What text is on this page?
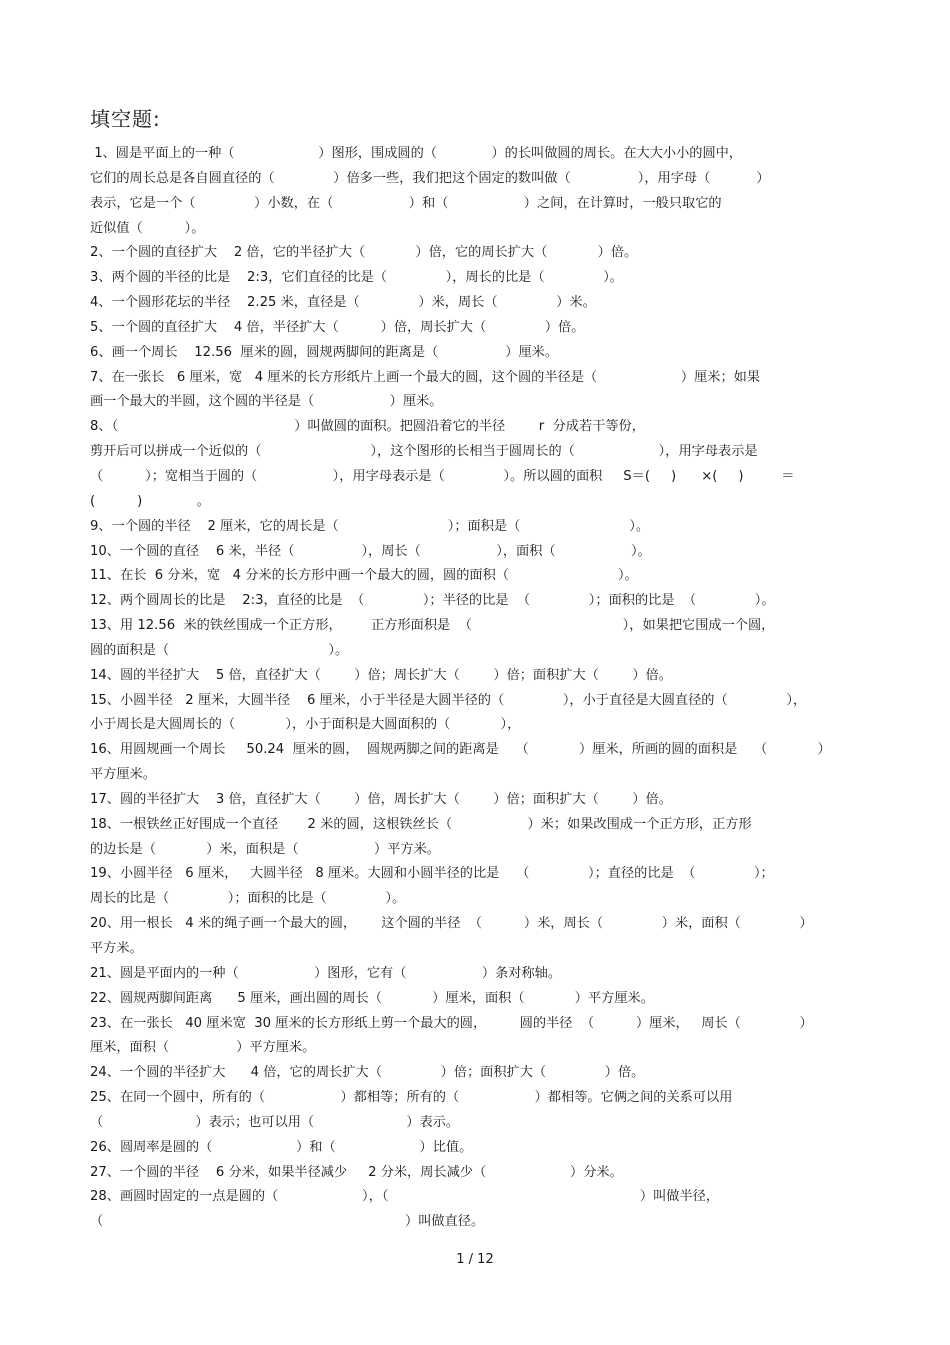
填空题:
1、圆是平面上的一种（                    ）图形，围成圆的（             ）的长叫做圆的周长。在大大小小的圆中，
它们的周长总是各自圆直径的（              ）倍多一些，我们把这个固定的数叫做（                ），用字母（           ）
表示，它是一个（              ）小数，在（                  ）和（                  ）之间，在计算时，一般只取它的
近似值（          ）。
2、一个圆的直径扩大    2 倍，它的半径扩大（            ）倍，它的周长扩大（            ）倍。
3、两个圆的半径的比是    2:3，它们直径的比是（              ），周长的比是（              ）。
4、一个圆形花坛的半径    2.25 米，直径是（              ）米，周长（              ）米。
5、一个圆的直径扩大    4 倍，半径扩大（          ）倍，周长扩大（              ）倍。
6、画一个周长    12.56  厘米的圆，圆规两脚间的距离是（                ）厘米。
7、在一张长   6 厘米，宽   4 厘米的长方形纸片上画一个最大的圆，这个圆的半径是（                    ）厘米；如果
画一个最大的半圆，这个圆的半径是（                  ）厘米。
8、（                                          ）叫做圆的面积。把圆沿着它的半径        r  分成若干等份，
剪开后可以拼成一个近似的（                          ），这个图形的长相当于圆周长的（                    ），用字母表示是
（          ）；宽相当于圆的（                  ），用字母表示是（              ）。所以圆的面积     S＝(     )      ×(     )         ＝
(          )             。
9、一个圆的半径    2 厘米，它的周长是（                          ）；面积是（                          ）。
10、一个圆的直径    6 米，半径（                ），周长（                  ），面积（                  ）。
11、在长  6 分米，宽   4 分米的长方形中画一个最大的圆，圆的面积（                          ）。
12、两个圆周长的比是    2:3，直径的比是  （              ）；半径的比是  （              ）；面积的比是  （              ）。
13、用 12.56  米的铁丝围成一个正方形，       正方形面积是  （                                    ），如果把它围成一个圆，
圆的面积是（                                      ）。
14、圆的半径扩大    5 倍，直径扩大（        ）倍；周长扩大（        ）倍；面积扩大（        ）倍。
15、小圆半径   2 厘米，大圆半径    6 厘米，小于半径是大圆半径的（              ），小于直径是大圆直径的（              ），
小于周长是大圆周长的（            ），小于面积是大圆面积的（            ），
16、用圆规画一个周长     50.24  厘米的圆，  圆规两脚之间的距离是    （            ）厘米，所画的圆的面积是    （            ）
平方厘米。
17、圆的半径扩大    3 倍，直径扩大（        ）倍，周长扩大（        ）倍；面积扩大（        ）倍。
18、一根铁丝正好围成一个直径       2 米的圆，这根铁丝长（                  ）米；如果改围成一个正方形，正方形
的边长是（            ）米，面积是（                  ）平方米。
19、小圆半径   6 厘米，   大圆半径   8 厘米。大圆和小圆半径的比是    （              ）；直径的比是  （              ）；
周长的比是（              ）；面积的比是（              ）。
20、用一根长   4 米的绳子画一个最大的圆，      这个圆的半径  （          ）米，周长（              ）米，面积（              ）
平方米。
21、圆是平面内的一种（                  ）图形，它有（                  ）条对称轴。
22、圆规两脚间距离      5 厘米，画出圆的周长（            ）厘米，面积（            ）平方厘米。
23、在一张长   40 厘米宽  30 厘米的长方形纸上剪一个最大的圆，        圆的半径  （          ）厘米，   周长（              ）
厘米，面积（                ）平方厘米。
24、一个圆的半径扩大      4 倍，它的周长扩大（              ）倍；面积扩大（              ）倍。
25、在同一个圆中，所有的（                  ）都相等；所有的（                  ）都相等。它俩之间的关系可以用
（                      ）表示；也可以用（                      ）表示。
26、圆周率是圆的（                    ）和（                    ）比值。
27、一个圆的半径    6 分米，如果半径减少     2 分米，周长减少（                    ）分米。
28、画圆时固定的一点是圆的（                    ），（                                                            ）叫做半径，
（                                                                        ）叫做直径。
1 / 12
